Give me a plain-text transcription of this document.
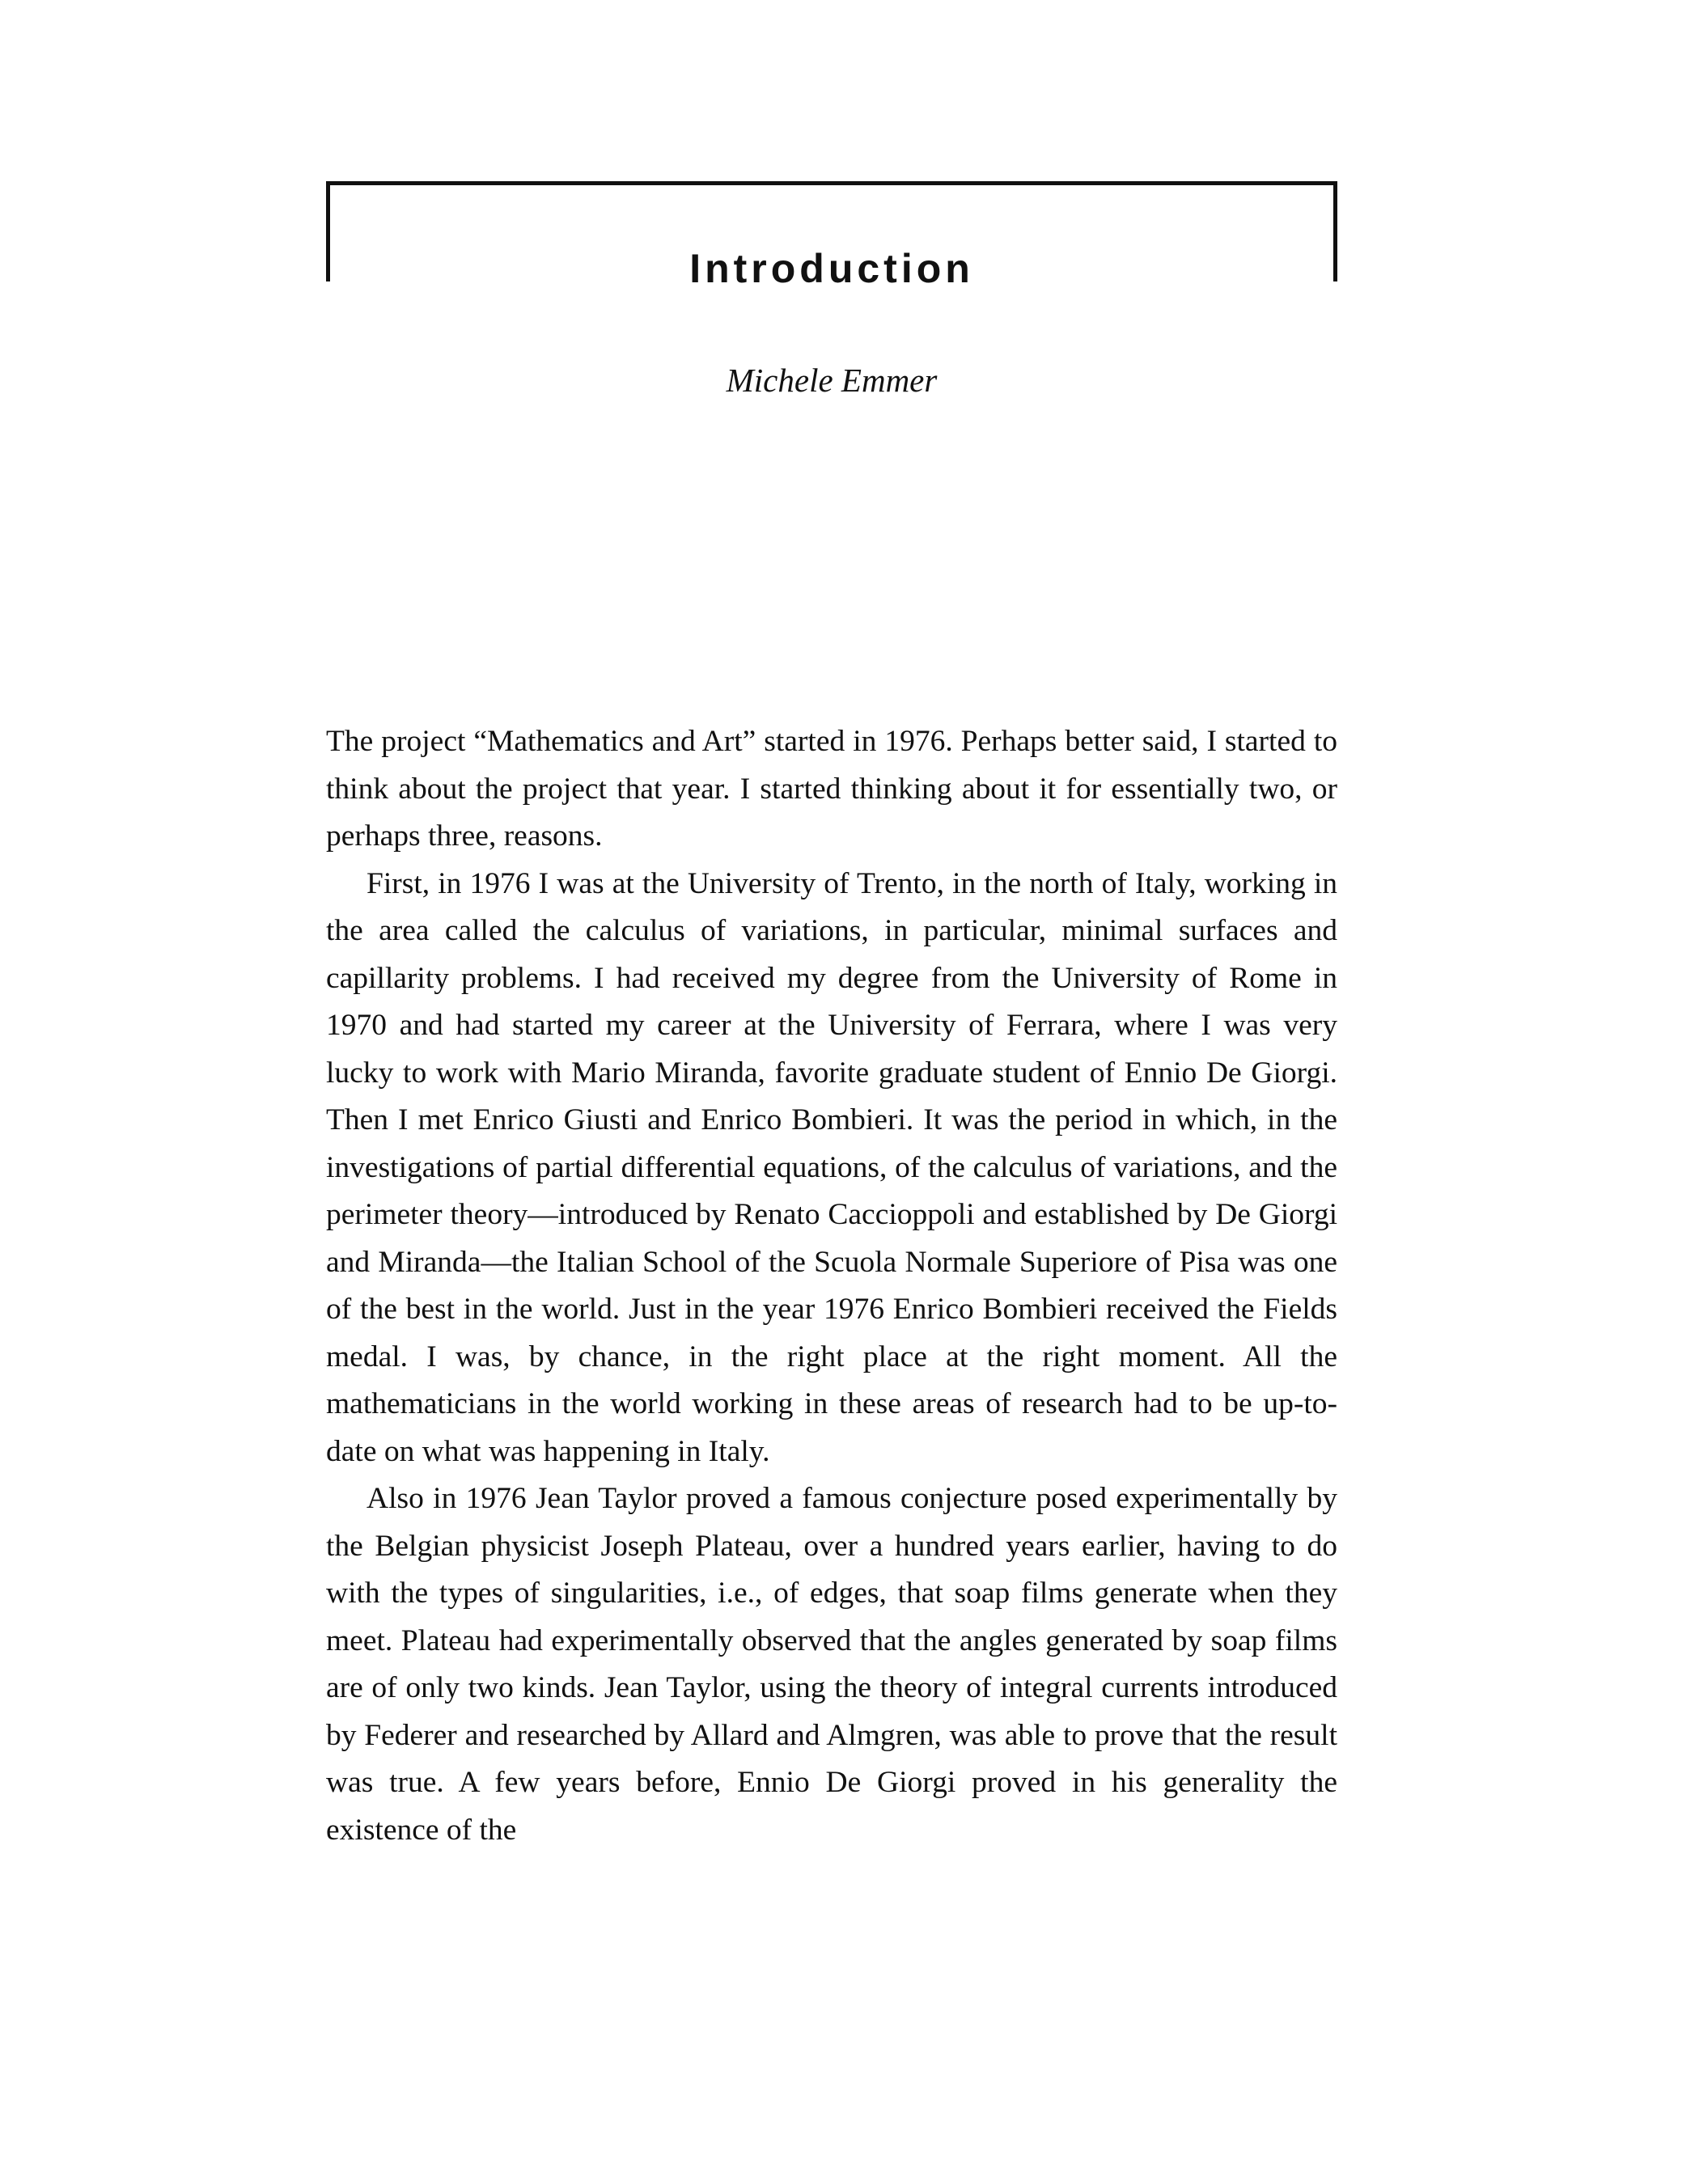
Introduction
Michele Emmer

The project “Mathematics and Art” started in 1976. Perhaps better said, I started to think about the project that year. I started thinking about it for essentially two, or perhaps three, reasons.

First, in 1976 I was at the University of Trento, in the north of Italy, working in the area called the calculus of variations, in particular, minimal surfaces and capillarity problems. I had received my degree from the University of Rome in 1970 and had started my career at the University of Ferrara, where I was very lucky to work with Mario Miranda, favorite graduate student of Ennio De Giorgi. Then I met Enrico Giusti and Enrico Bombieri. It was the period in which, in the investigations of partial differential equations, of the calculus of variations, and the perimeter theory—introduced by Renato Caccioppoli and established by De Giorgi and Miranda—the Italian School of the Scuola Normale Superiore of Pisa was one of the best in the world. Just in the year 1976 Enrico Bombieri received the Fields medal. I was, by chance, in the right place at the right moment. All the mathematicians in the world working in these areas of research had to be up-to-date on what was happening in Italy.

Also in 1976 Jean Taylor proved a famous conjecture posed experimentally by the Belgian physicist Joseph Plateau, over a hundred years earlier, having to do with the types of singularities, i.e., of edges, that soap films generate when they meet. Plateau had experimentally observed that the angles generated by soap films are of only two kinds. Jean Taylor, using the theory of integral currents introduced by Federer and researched by Allard and Almgren, was able to prove that the result was true. A few years before, Ennio De Giorgi proved in his generality the existence of the
